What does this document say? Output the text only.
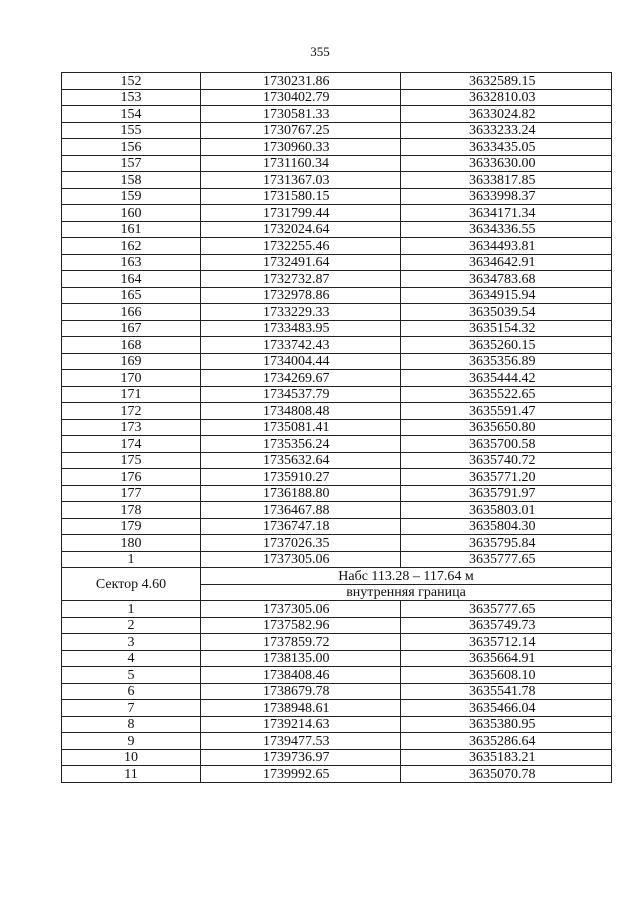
355
152	1730231.86	3632589.15
153	1730402.79	3632810.03
154	1730581.33	3633024.82
155	1730767.25	3633233.24
156	1730960.33	3633435.05
157	1731160.34	3633630.00
158	1731367.03	3633817.85
159	1731580.15	3633998.37
160	1731799.44	3634171.34
161	1732024.64	3634336.55
162	1732255.46	3634493.81
163	1732491.64	3634642.91
164	1732732.87	3634783.68
165	1732978.86	3634915.94
166	1733229.33	3635039.54
167	1733483.95	3635154.32
168	1733742.43	3635260.15
169	1734004.44	3635356.89
170	1734269.67	3635444.42
171	1734537.79	3635522.65
172	1734808.48	3635591.47
173	1735081.41	3635650.80
174	1735356.24	3635700.58
175	1735632.64	3635740.72
176	1735910.27	3635771.20
177	1736188.80	3635791.97
178	1736467.88	3635803.01
179	1736747.18	3635804.30
180	1737026.35	3635795.84
1	1737305.06	3635777.65
Сектор 4.60	Набс 113.28 – 117.64 м	
	внутренняя граница	
1	1737305.06	3635777.65
2	1737582.96	3635749.73
3	1737859.72	3635712.14
4	1738135.00	3635664.91
5	1738408.46	3635608.10
6	1738679.78	3635541.78
7	1738948.61	3635466.04
8	1739214.63	3635380.95
9	1739477.53	3635286.64
10	1739736.97	3635183.21
11	1739992.65	3635070.78
